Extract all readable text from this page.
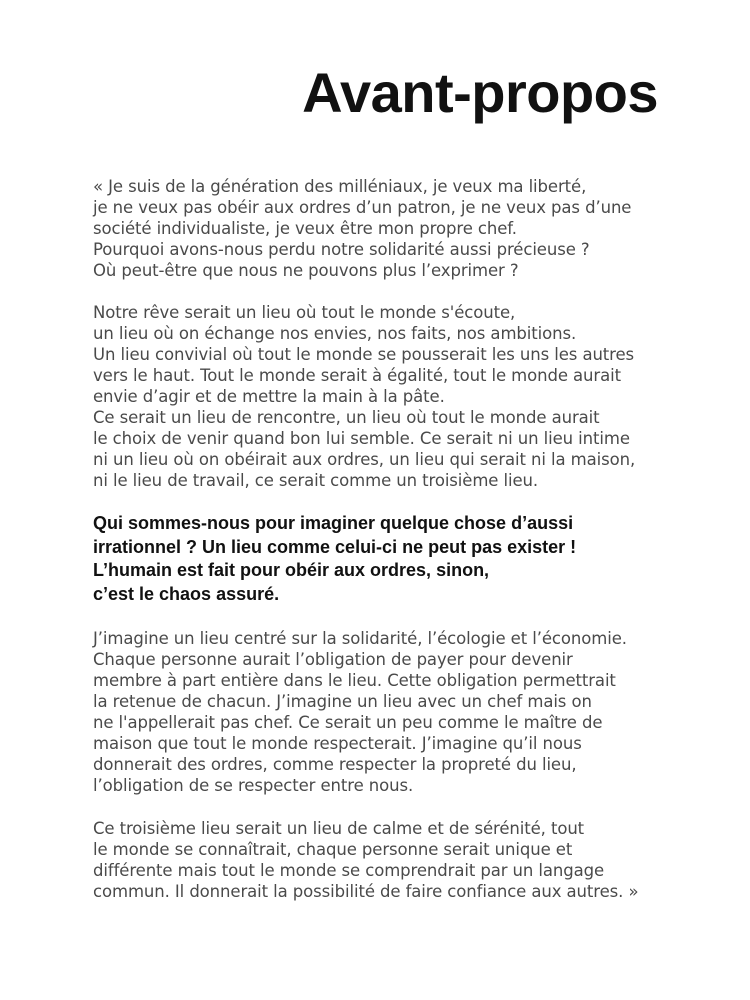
Avant-propos
« Je suis de la génération des milléniaux, je veux ma liberté,
je ne veux pas obéir aux ordres d’un patron, je ne veux pas d’une
société individualiste, je veux être mon propre chef.
Pourquoi avons-nous perdu notre solidarité aussi précieuse ?
Où peut-être que nous ne pouvons plus l’exprimer ?
Notre rêve serait un lieu où tout le monde s'écoute,
un lieu où on échange nos envies, nos faits, nos ambitions.
Un lieu convivial où tout le monde se pousserait les uns les autres
vers le haut. Tout le monde serait à égalité, tout le monde aurait
envie d’agir et de mettre la main à la pâte.
Ce serait un lieu de rencontre, un lieu où tout le monde aurait
le choix de venir quand bon lui semble. Ce serait ni un lieu intime
ni un lieu où on obéirait aux ordres, un lieu qui serait ni la maison,
ni le lieu de travail, ce serait comme un troisième lieu.
Qui sommes-nous pour imaginer quelque chose d’aussi
irrationnel ? Un lieu comme celui-ci ne peut pas exister !
L’humain est fait pour obéir aux ordres, sinon,
c’est le chaos assuré.
J’imagine un lieu centré sur la solidarité, l’écologie et l’économie.
Chaque personne aurait l’obligation de payer pour devenir
membre à part entière dans le lieu. Cette obligation permettrait
la retenue de chacun. J’imagine un lieu avec un chef mais on
ne l'appellerait pas chef. Ce serait un peu comme le maître de
maison que tout le monde respecterait. J’imagine qu’il nous
donnerait des ordres, comme respecter la propreté du lieu,
l’obligation de se respecter entre nous.
Ce troisième lieu serait un lieu de calme et de sérénité, tout
le monde se connaîtrait, chaque personne serait unique et
différente mais tout le monde se comprendrait par un langage
commun. Il donnerait la possibilité de faire confiance aux autres. »
